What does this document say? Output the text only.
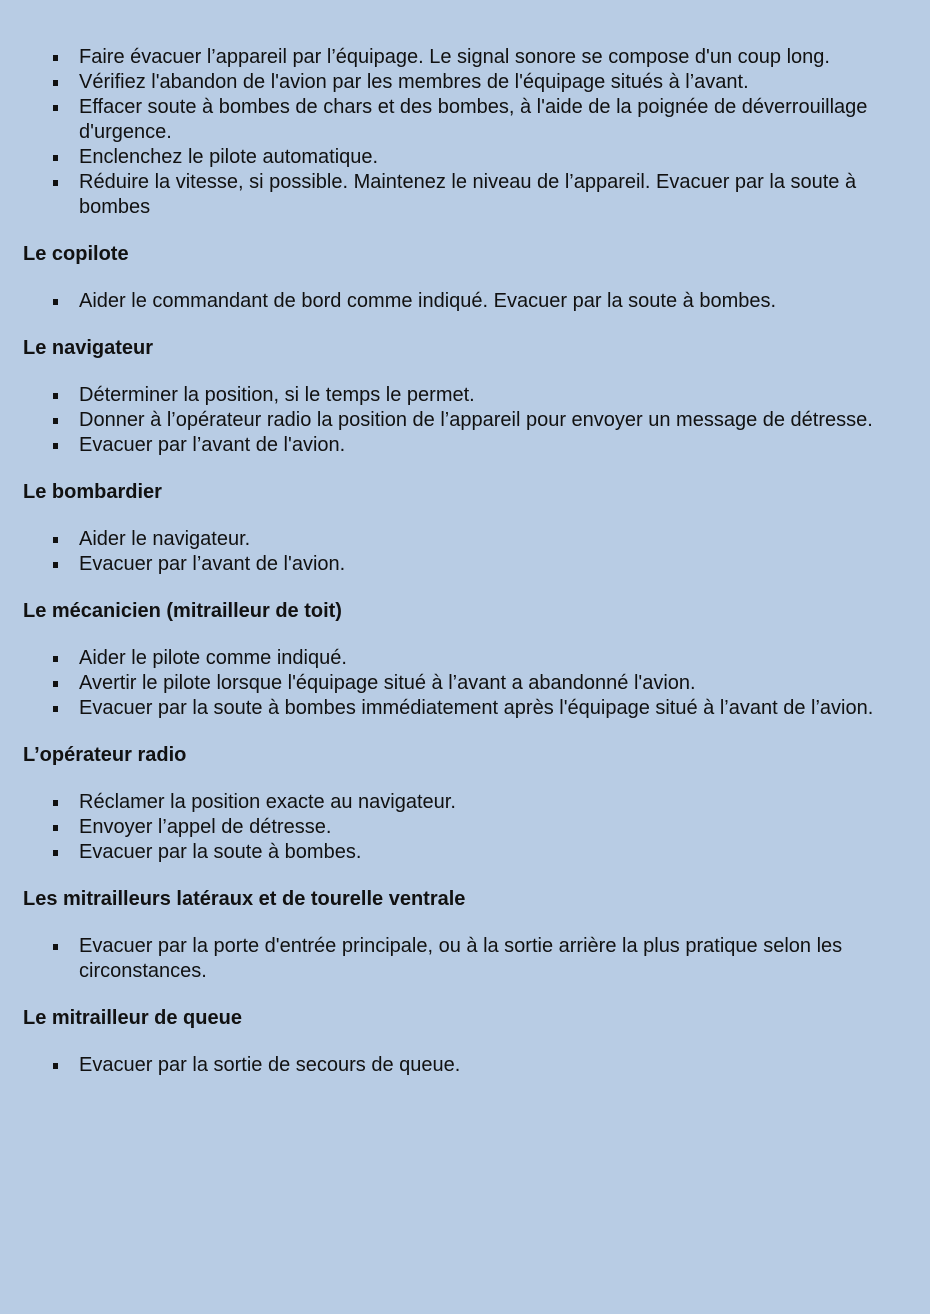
Faire évacuer l’appareil par l’équipage. Le signal sonore se compose d'un coup long.
Vérifiez l'abandon de l'avion par les membres de l'équipage situés à l’avant.
Effacer soute à bombes de chars et des bombes, à l'aide de la poignée de déverrouillage d'urgence.
Enclenchez le pilote automatique.
Réduire la vitesse, si possible. Maintenez le niveau de l’appareil. Evacuer par la soute à bombes
Le copilote
Aider le commandant de bord comme indiqué. Evacuer par la soute à bombes.
Le navigateur
Déterminer la position, si le temps le permet.
Donner à l’opérateur radio la position de l’appareil pour envoyer un message de détresse.
Evacuer par l’avant de l'avion.
Le bombardier
Aider le navigateur.
Evacuer par l’avant de l'avion.
Le mécanicien (mitrailleur de toit)
Aider le pilote comme indiqué.
Avertir le pilote lorsque l'équipage situé à l’avant a abandonné l'avion.
Evacuer par la soute à bombes immédiatement après l'équipage situé à l’avant de l’avion.
L’opérateur radio
Réclamer la position exacte au navigateur.
Envoyer l’appel de détresse.
Evacuer par la soute à bombes.
Les mitrailleurs latéraux et de tourelle ventrale
Evacuer par la porte d'entrée principale, ou à la sortie arrière la plus pratique selon les circonstances.
Le mitrailleur de queue
Evacuer par la sortie de secours de queue.
